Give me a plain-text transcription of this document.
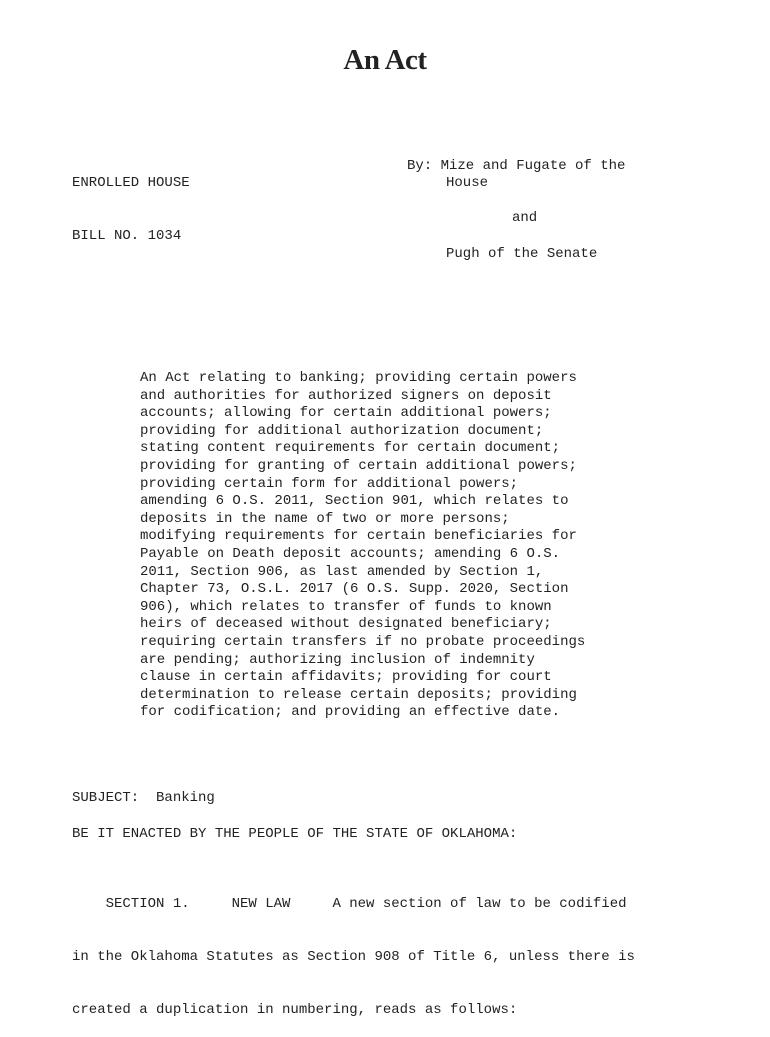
An Act

ENROLLED HOUSE

BILL NO. 1034

By: Mize and Fugate of the
House
and
Pugh of the Senate
An Act relating to banking; providing certain powers
and authorities for authorized signers on deposit
accounts; allowing for certain additional powers;
providing for additional authorization document;
stating content requirements for certain document;
providing for granting of certain additional powers;
providing certain form for additional powers;
amending 6 O.S. 2011, Section 901, which relates to
deposits in the name of two or more persons;
modifying requirements for certain beneficiaries for
Payable on Death deposit accounts; amending 6 O.S.
2011, Section 906, as last amended by Section 1,
Chapter 73, O.S.L. 2017 (6 O.S. Supp. 2020, Section
906), which relates to transfer of funds to known
heirs of deceased without designated beneficiary;
requiring certain transfers if no probate proceedings
are pending; authorizing inclusion of indemnity
clause in certain affidavits; providing for court
determination to release certain deposits; providing
for codification; and providing an effective date.
SUBJECT:  Banking
BE IT ENACTED BY THE PEOPLE OF THE STATE OF OKLAHOMA:

SECTION 1.     NEW LAW     A new section of law to be codified

in the Oklahoma Statutes as Section 908 of Title 6, unless there is

created a duplication in numbering, reads as follows:
